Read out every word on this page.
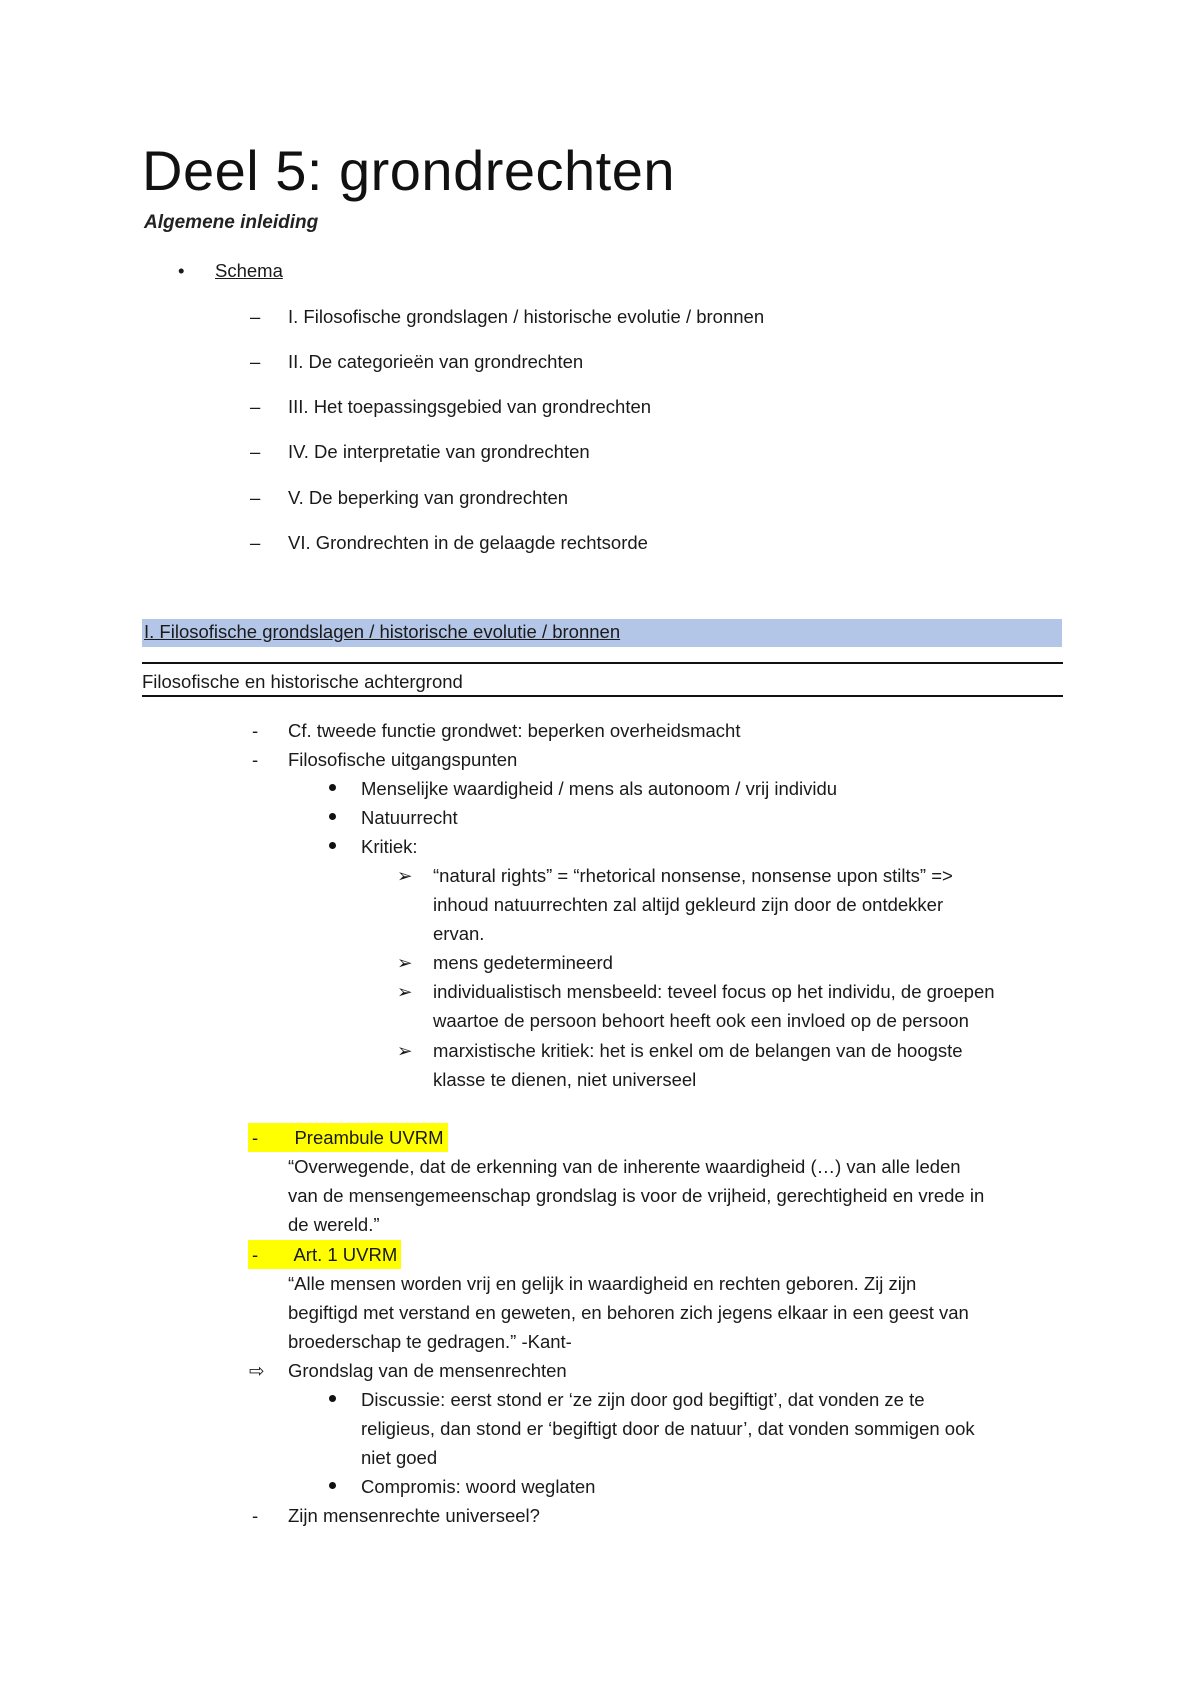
Deel 5: grondrechten
Algemene inleiding
• Schema
– I. Filosofische grondslagen / historische evolutie / bronnen
– II. De categorieën van grondrechten
– III. Het toepassingsgebied van grondrechten
– IV. De interpretatie van grondrechten
– V. De beperking van grondrechten
– VI. Grondrechten in de gelaagde rechtsorde
I. Filosofische grondslagen / historische evolutie / bronnen
Filosofische en historische achtergrond
- Cf. tweede functie grondwet: beperken overheidsmacht
- Filosofische uitgangspunten
Menselijke waardigheid / mens als autonoom / vrij individu
Natuurrecht
Kritiek:
➢ “natural rights” = “rhetorical nonsense, nonsense upon stilts” =>
inhoud natuurrechten zal altijd gekleurd zijn door de ontdekker
ervan.
➢ mens gedetermineerd
➢ individualistisch mensbeeld: teveel focus op het individu, de groepen
waartoe de persoon behoort heeft ook een invloed op de persoon
➢ marxistische kritiek: het is enkel om de belangen van de hoogste
klasse te dienen, niet universeel
- Preambule UVRM
“Overwegende, dat de erkenning van de inherente waardigheid (…) van alle leden
van de mensengemeenschap grondslag is voor de vrijheid, gerechtigheid en vrede in
de wereld.”
- Art. 1 UVRM
“Alle mensen worden vrij en gelijk in waardigheid en rechten geboren. Zij zijn
begiftigd met verstand en geweten, en behoren zich jegens elkaar in een geest van
broederschap te gedragen.” -Kant-
⇨ Grondslag van de mensenrechten
Discussie: eerst stond er ‘ze zijn door god begiftigt’, dat vonden ze te
religieus, dan stond er ‘begiftigt door de natuur’, dat vonden sommigen ook
niet goed
Compromis: woord weglaten
- Zijn mensenrechte universeel?
